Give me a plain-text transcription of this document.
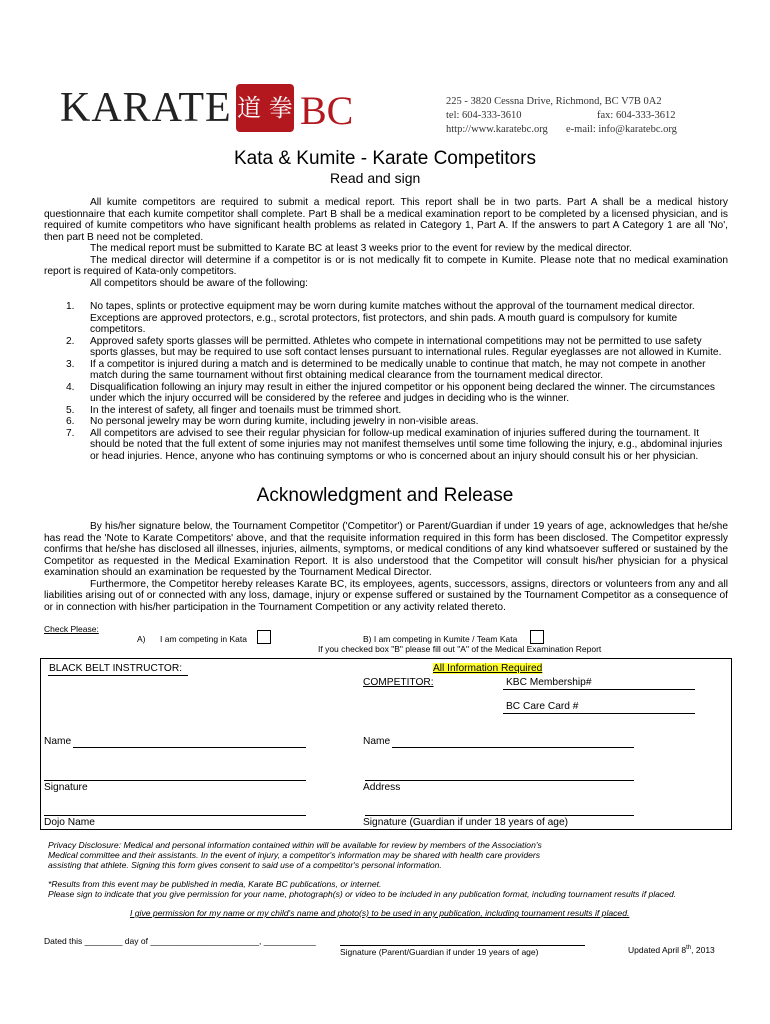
KARATE 道 拳 BC	225 - 3820 Cessna Drive, Richmond, BC V7B 0A2
tel: 604-333-3610	fax: 604-333-3612
http://www.karatebc.org e-mail: info@karatebc.org
Kata & Kumite - Karate Competitors
Read and sign
All kumite competitors are required to submit a medical report. This report shall be in two parts. Part A shall be a medical history questionnaire that each kumite competitor shall complete. Part B shall be a medical examination report to be completed by a licensed physician, and is required of kumite competitors who have significant health problems as related in Category 1, Part A. If the answers to part A Category 1 are all 'No', then part B need not be completed.
The medical report must be submitted to Karate BC at least 3 weeks prior to the event for review by the medical director.
The medical director will determine if a competitor is or is not medically fit to compete in Kumite. Please note that no medical examination report is required of Kata-only competitors.
All competitors should be aware of the following:
1. No tapes, splints or protective equipment may be worn during kumite matches without the approval of the tournament medical director. Exceptions are approved protectors, e.g., scrotal protectors, fist protectors, and shin pads. A mouth guard is compulsory for kumite competitors.
2. Approved safety sports glasses will be permitted. Athletes who compete in international competitions may not be permitted to use safety sports glasses, but may be required to use soft contact lenses pursuant to international rules. Regular eyeglasses are not allowed in Kumite.
3. If a competitor is injured during a match and is determined to be medically unable to continue that match, he may not compete in another match during the same tournament without first obtaining medical clearance from the tournament medical director.
4. Disqualification following an injury may result in either the injured competitor or his opponent being declared the winner. The circumstances under which the injury occurred will be considered by the referee and judges in deciding who is the winner.
5. In the interest of safety, all finger and toenails must be trimmed short.
6. No personal jewelry may be worn during kumite, including jewelry in non-visible areas.
7. All competitors are advised to see their regular physician for follow-up medical examination of injuries suffered during the tournament. It should be noted that the full extent of some injuries may not manifest themselves until some time following the injury, e.g., abdominal injuries or head injuries. Hence, anyone who has continuing symptoms or who is concerned about an injury should consult his or her physician.
Acknowledgment and Release
By his/her signature below, the Tournament Competitor ('Competitor') or Parent/Guardian if under 19 years of age, acknowledges that he/she has read the 'Note to Karate Competitors' above, and that the requisite information required in this form has been disclosed. The Competitor expressly confirms that he/she has disclosed all illnesses, injuries, ailments, symptoms, or medical conditions of any kind whatsoever suffered or sustained by the Competitor as requested in the Medical Examination Report. It is also understood that the Competitor will consult his/her physician for a physical examination should an examination be requested by the Tournament Medical Director.
Furthermore, the Competitor hereby releases Karate BC, its employees, agents, successors, assigns, directors or volunteers from any and all liabilities arising out of or connected with any loss, damage, injury or expense suffered or sustained by the Tournament Competitor as a consequence of or in connection with his/her participation in the Tournament Competition or any activity related thereto.
Check Please:
A) I am competing in Kata	B) I am competing in Kumite / Team Kata
If you checked box "B" please fill out "A" of the Medical Examination Report
BLACK BELT INSTRUCTOR:	All Information Required
COMPETITOR:	KBC Membership#
BC Care Card #
Name	Name
Signature	Address
Dojo Name	Signature (Guardian if under 18 years of age)
Privacy Disclosure: Medical and personal information contained within will be available for review by members of the Association's Medical committee and their assistants. In the event of injury, a competitor's information may be shared with health care providers assisting that athlete. Signing this form gives consent to said use of a competitor's personal information.
*Results from this event may be published in media, Karate BC publications, or internet.
Please sign to indicate that you give permission for your name, photograph(s) or video to be included in any publication format, including tournament results if placed.
I give permission for my name or my child's name and photo(s) to be used in any publication, including tournament results if placed.
Dated this ________ day of _______________________, ___________
Signature (Parent/Guardian if under 19 years of age)	Updated April 8th, 2013
